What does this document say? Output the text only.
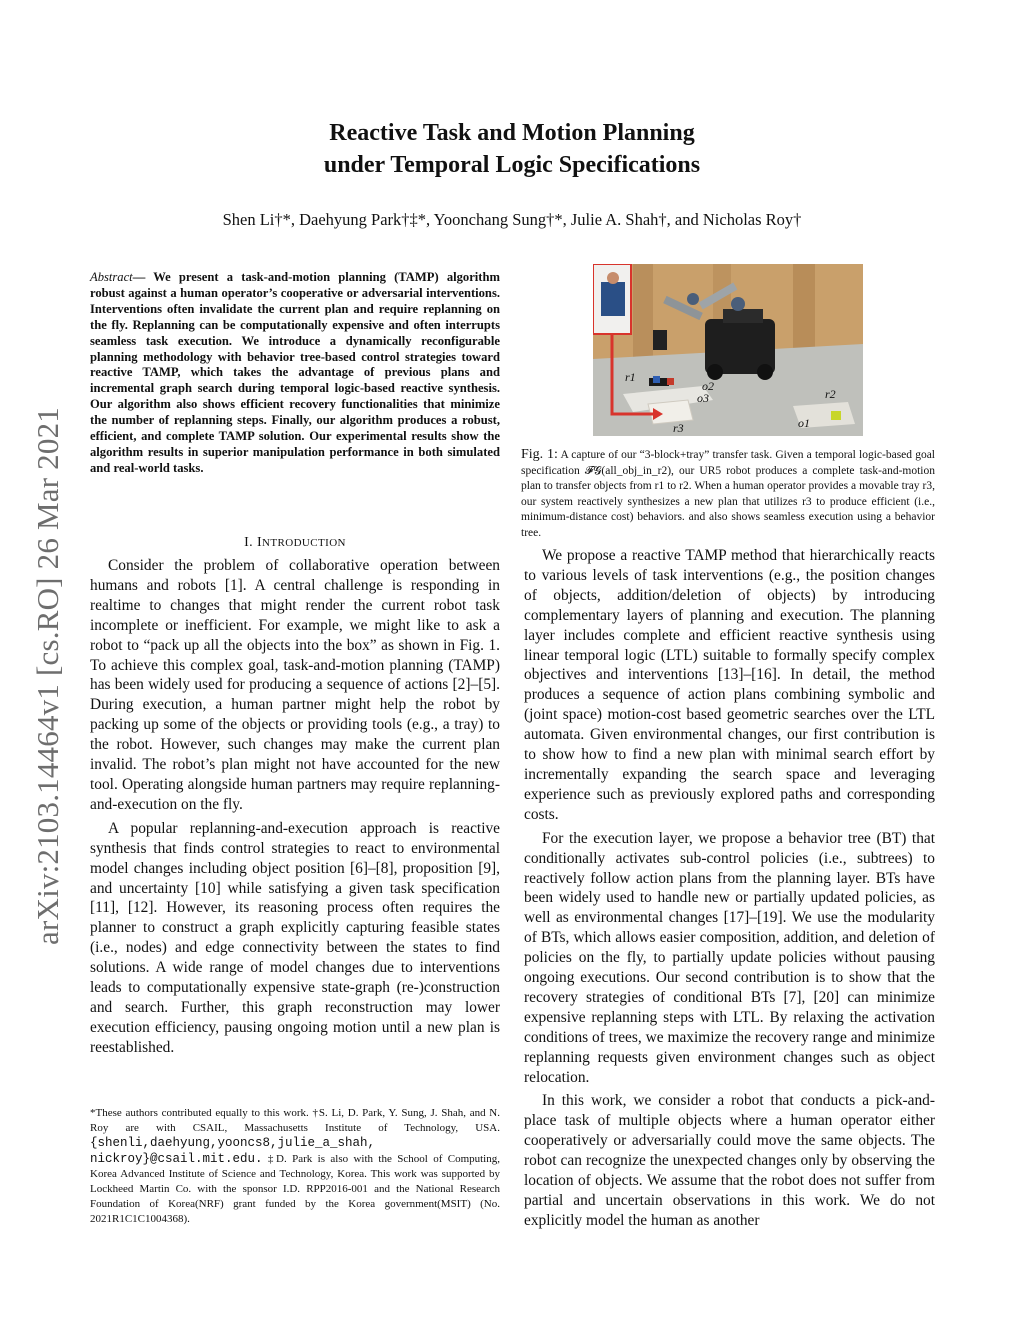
Reactive Task and Motion Planning
under Temporal Logic Specifications
Shen Li†*, Daehyung Park†‡*, Yoonchang Sung†*, Julie A. Shah†, and Nicholas Roy†
arXiv:2103.14464v1 [cs.RO] 26 Mar 2021
Abstract— We present a task-and-motion planning (TAMP) algorithm robust against a human operator’s cooperative or adversarial interventions. Interventions often invalidate the current plan and require replanning on the fly. Replanning can be computationally expensive and often interrupts seamless task execution. We introduce a dynamically reconfigurable planning methodology with behavior tree-based control strategies toward reactive TAMP, which takes the advantage of previous plans and incremental graph search during temporal logic-based reactive synthesis. Our algorithm also shows efficient recovery functionalities that minimize the number of replanning steps. Finally, our algorithm produces a robust, efficient, and complete TAMP solution. Our experimental results show the algorithm results in superior manipulation performance in both simulated and real-world tasks.
I. INTRODUCTION

Consider the problem of collaborative operation between humans and robots [1]. A central challenge is responding in realtime to changes that might render the current robot task incomplete or inefficient. For example, we might like to ask a robot to “pack up all the objects into the box” as shown in Fig. 1. To achieve this complex goal, task-and-motion planning (TAMP) has been widely used for producing a sequence of actions [2]–[5]. During execution, a human partner might help the robot by packing up some of the objects or providing tools (e.g., a tray) to the robot. However, such changes may make the current plan invalid. The robot’s plan might not have accounted for the new tool. Operating alongside human partners may require replanning-and-execution on the fly.

A popular replanning-and-execution approach is reactive synthesis that finds control strategies to react to environmental model changes including object position [6]–[8], proposition [9], and uncertainty [10] while satisfying a given task specification [11], [12]. However, its reasoning process often requires the planner to construct a graph explicitly capturing feasible states (i.e., nodes) and edge connectivity between the states to find solutions. A wide range of model changes due to interventions leads to computationally expensive state-graph (re-)construction and search. Further, this graph reconstruction may lower execution efficiency, pausing ongoing motion until a new plan is reestablished.

*These authors contributed equally to this work. †S. Li, D. Park, Y. Sung, J. Shah, and N. Roy are with CSAIL, Massachusetts Institute of Technology, USA. {shenli,daehyung,yooncs8,julie_a_shah, nickroy}@csail.mit.edu. ‡D. Park is also with the School of Computing, Korea Advanced Institute of Science and Technology, Korea. This work was supported by Lockheed Martin Co. with the sponsor I.D. RPP2016-001 and the National Research Foundation of Korea(NRF) grant funded by the Korea government(MSIT) (No. 2021R1C1C1004368).
r1
o2
o3	r2
o1
r3
Fig. 1: A capture of our “3-block+tray” transfer task. Given a temporal logic-based goal specification 𝓕𝓖(all_obj_in_r2), our UR5 robot produces a complete task-and-motion plan to transfer objects from r1 to r2. When a human operator provides a movable tray r3, our system reactively synthesizes a new plan that utilizes r3 to produce efficient (i.e., minimum-distance cost) behaviors. and also shows seamless execution using a behavior tree.

We propose a reactive TAMP method that hierarchically reacts to various levels of task interventions (e.g., the position changes of objects, addition/deletion of objects) by introducing complementary layers of planning and execution. The planning layer includes complete and efficient reactive synthesis using linear temporal logic (LTL) suitable to formally specify complex objectives and interventions [13]–[16]. In detail, the method produces a sequence of action plans combining symbolic and (joint space) motion-cost based geometric searches over the LTL automata. Given environmental changes, our first contribution is to show how to find a new plan with minimal search effort by incrementally expanding the search space and leveraging experience such as previously explored paths and corresponding costs.

For the execution layer, we propose a behavior tree (BT) that conditionally activates sub-control policies (i.e., subtrees) to reactively follow action plans from the planning layer. BTs have been widely used to handle new or partially updated policies, as well as environmental changes [17]–[19]. We use the modularity of BTs, which allows easier composition, addition, and deletion of policies on the fly, to partially update policies without pausing ongoing executions. Our second contribution is to show that the recovery strategies of conditional BTs [7], [20] can minimize expensive replanning steps with LTL. By relaxing the activation conditions of trees, we maximize the recovery range and minimize replanning requests given environment changes such as object relocation.

In this work, we consider a robot that conducts a pick-and-place task of multiple objects where a human operator either cooperatively or adversarially could move the same objects. The robot can recognize the unexpected changes only by observing the location of objects. We assume that the robot does not suffer from partial and uncertain observations in this work. We do not explicitly model the human as another
